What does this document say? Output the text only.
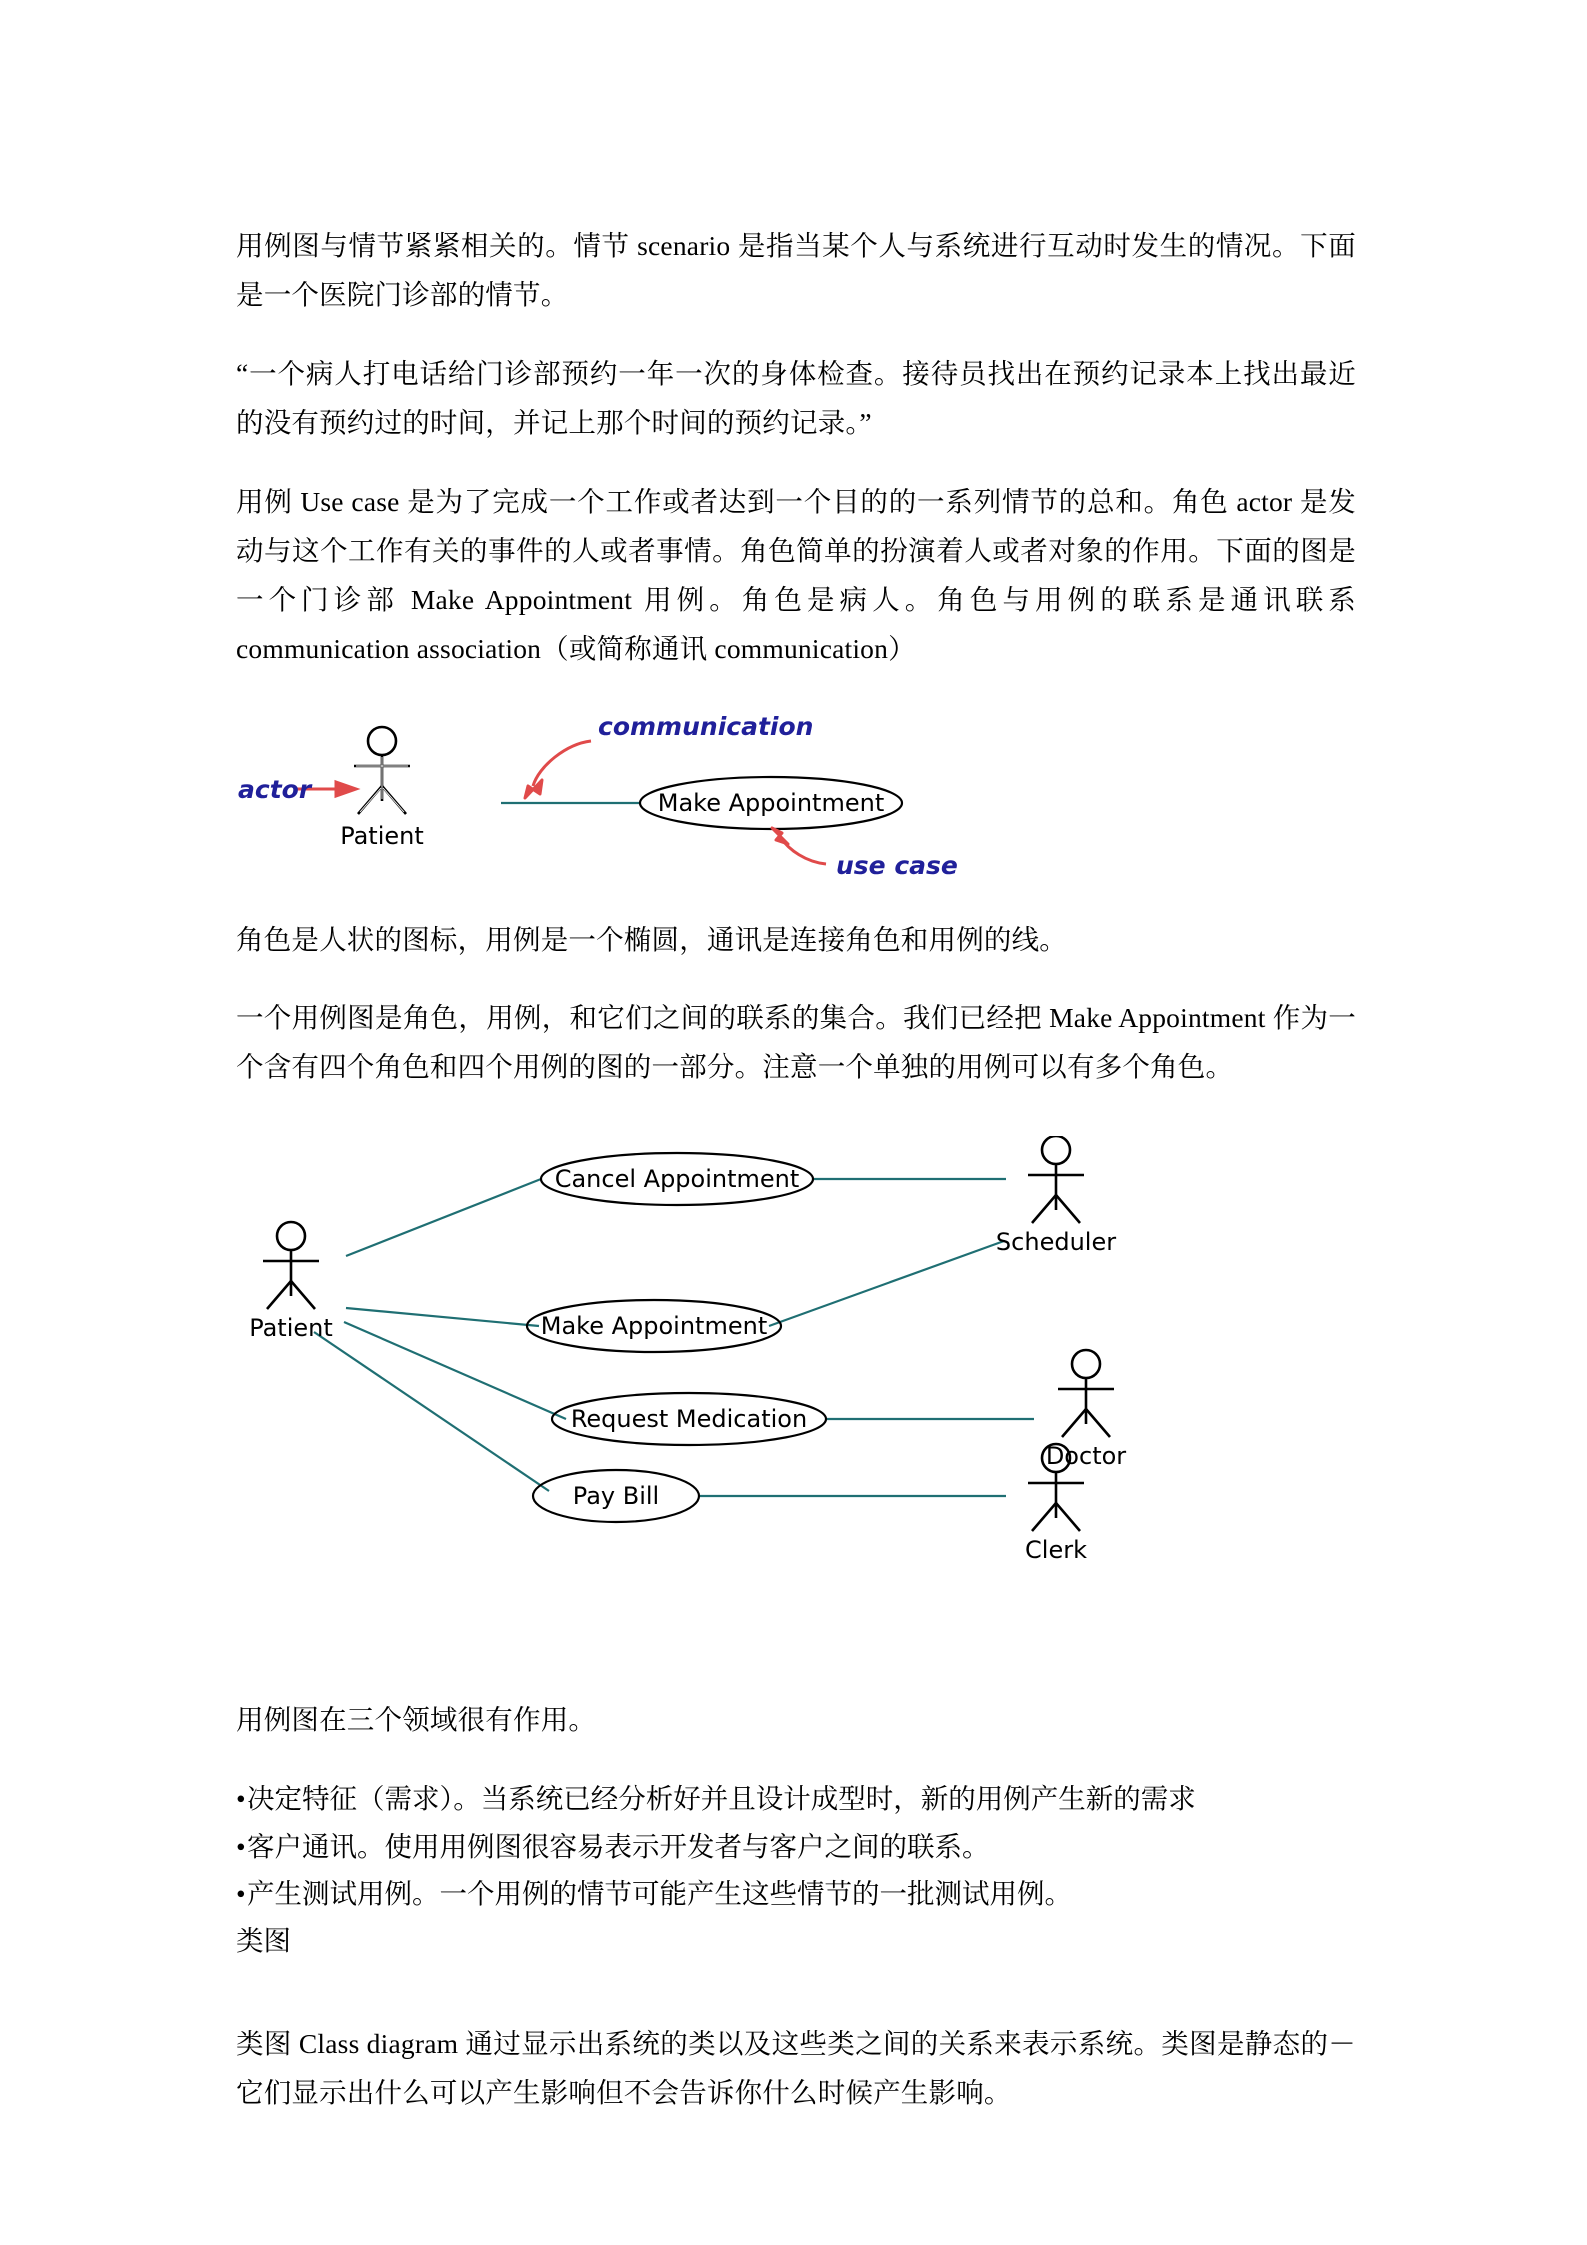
用例图与情节紧紧相关的。情节 scenario 是指当某个人与系统进行互动时发生的情况。下面是一个医院门诊部的情节。

“一个病人打电话给门诊部预约一年一次的身体检查。接待员找出在预约记录本上找出最近的没有预约过的时间，并记上那个时间的预约记录。”

用例 Use case 是为了完成一个工作或者达到一个目的的一系列情节的总和。角色 actor 是发动与这个工作有关的事件的人或者事情。角色简单的扮演着人或者对象的作用。下面的图是一个门诊部 Make Appointment 用例。角色是病人。角色与用例的联系是通讯联系 communication association（或简称通讯 communication）

actor
communication
use case
Patient
Make Appointment

角色是人状的图标，用例是一个椭圆，通讯是连接角色和用例的线。

一个用例图是角色，用例，和它们之间的联系的集合。我们已经把 Make Appointment 作为一个含有四个角色和四个用例的图的一部分。注意一个单独的用例可以有多个角色。

Cancel Appointment
Make Appointment
Request Medication
Pay Bill
Patient
Scheduler
Doctor
Clerk

用例图在三个领域很有作用。

•决定特征（需求）。当系统已经分析好并且设计成型时，新的用例产生新的需求
•客户通讯。使用用例图很容易表示开发者与客户之间的联系。
•产生测试用例。一个用例的情节可能产生这些情节的一批测试用例。
类图

类图 Class diagram 通过显示出系统的类以及这些类之间的关系来表示系统。类图是静态的－它们显示出什么可以产生影响但不会告诉你什么时候产生影响。
